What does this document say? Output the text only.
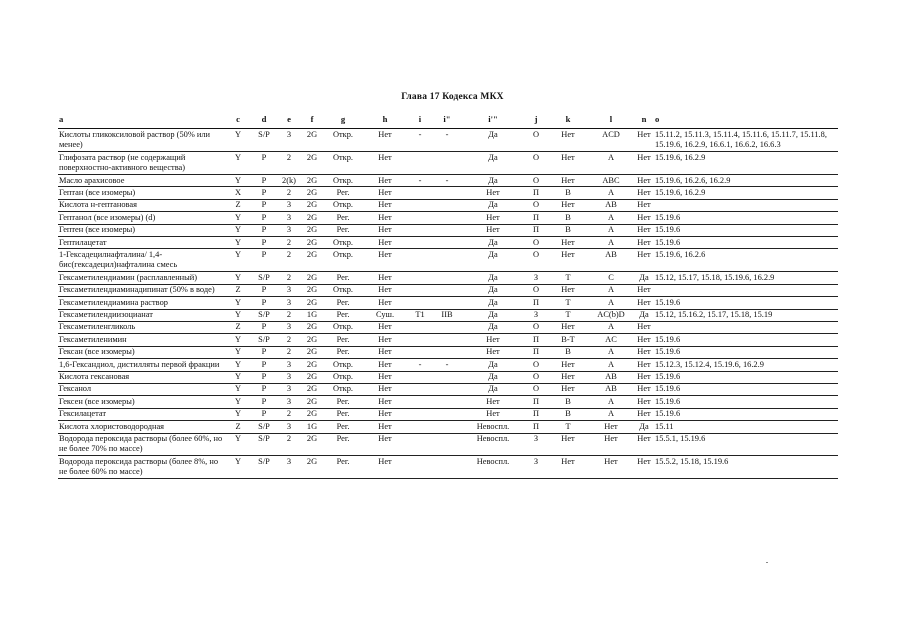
Глава 17 Кодекса МКХ
a	c	d	e	f	g	h	i	i"	i'"	j	k	l	n	o
Кислоты гликоксиловой раствор (50% или менее)	Y	S/P	3	2G	Откр.	Нет	-	-	Да	О	Нет	ACD	Нет	15.11.2, 15.11.3, 15.11.4, 15.11.6, 15.11.7, 15.11.8, 15.19.6, 16.2.9, 16.6.1, 16.6.2, 16.6.3
Глифозата раствор (не содержащий поверхностно-активного вещества)	Y	P	2	2G	Откр.	Нет			Да	О	Нет	A	Нет	15.19.6, 16.2.9
Масло арахисовое	Y	P	2(k)	2G	Откр.	Нет	-	-	Да	О	Нет	ABC	Нет	15.19.6, 16.2.6, 16.2.9
Гептан (все изомеры)	X	P	2	2G	Рег.	Нет			Нет	П	В	A	Нет	15.19.6, 16.2.9
Кислота н-гептановая	Z	P	3	2G	Откр.	Нет			Да	О	Нет	AB	Нет	
Гептанол (все изомеры) (d)	Y	P	3	2G	Рег.	Нет			Нет	П	В	A	Нет	15.19.6
Гептен (все изомеры)	Y	P	3	2G	Рег.	Нет			Нет	П	В	A	Нет	15.19.6
Гептилацетат	Y	P	2	2G	Откр.	Нет			Да	О	Нет	A	Нет	15.19.6
1-Гексадецилнафталина/ 1,4-бис(гексадецил)нафталина смесь	Y	P	2	2G	Откр.	Нет			Да	О	Нет	AB	Нет	15.19.6, 16.2.6
Гексаметилендиамин (расплавленный)	Y	S/P	2	2G	Рег.	Нет			Да	З	Т	C	Да	15.12, 15.17, 15.18, 15.19.6, 16.2.9
Гексаметилендиаминадипинат (50% в воде)	Z	P	3	2G	Откр.	Нет			Да	О	Нет	A	Нет	
Гексаметилендиамина раствор	Y	P	3	2G	Рег.	Нет			Да	П	Т	A	Нет	15.19.6
Гексаметилендиизоцианат	Y	S/P	2	1G	Рег.	Суш.	T1	IIB	Да	З	Т	AC(b)D	Да	15.12, 15.16.2, 15.17, 15.18, 15.19
Гексаметиленгликоль	Z	P	3	2G	Откр.	Нет			Да	О	Нет	A	Нет	
Гексаметиленимин	Y	S/P	2	2G	Рег.	Нет			Нет	П	В-Т	AC	Нет	15.19.6
Гексан (все изомеры)	Y	P	2	2G	Рег.	Нет			Нет	П	В	A	Нет	15.19.6
1,6-Гександиол, дистилляты первой фракции	Y	P	3	2G	Откр.	Нет	-	-	Да	О	Нет	A	Нет	15.12.3, 15.12.4, 15.19.6, 16.2.9
Кислота гексановая	Y	P	3	2G	Откр.	Нет			Да	О	Нет	AB	Нет	15.19.6
Гексанол	Y	P	3	2G	Откр.	Нет			Да	О	Нет	AB	Нет	15.19.6
Гексен (все изомеры)	Y	P	3	2G	Рег.	Нет			Нет	П	В	A	Нет	15.19.6
Гексилацетат	Y	P	2	2G	Рег.	Нет			Нет	П	В	A	Нет	15.19.6
Кислота хлористоводородная	Z	S/P	3	1G	Рег.	Нет			Невоспл.	П	Т	Нет	Да	15.11
Водорода пероксида растворы (более 60%, но не более 70% по массе)	Y	S/P	2	2G	Рег.	Нет			Невоспл.	З	Нет	Нет	Нет	15.5.1, 15.19.6
Водорода пероксида растворы (более 8%, но не более 60% по массе)	Y	S/P	3	2G	Рег.	Нет			Невоспл.	З	Нет	Нет	Нет	15.5.2, 15.18, 15.19.6
